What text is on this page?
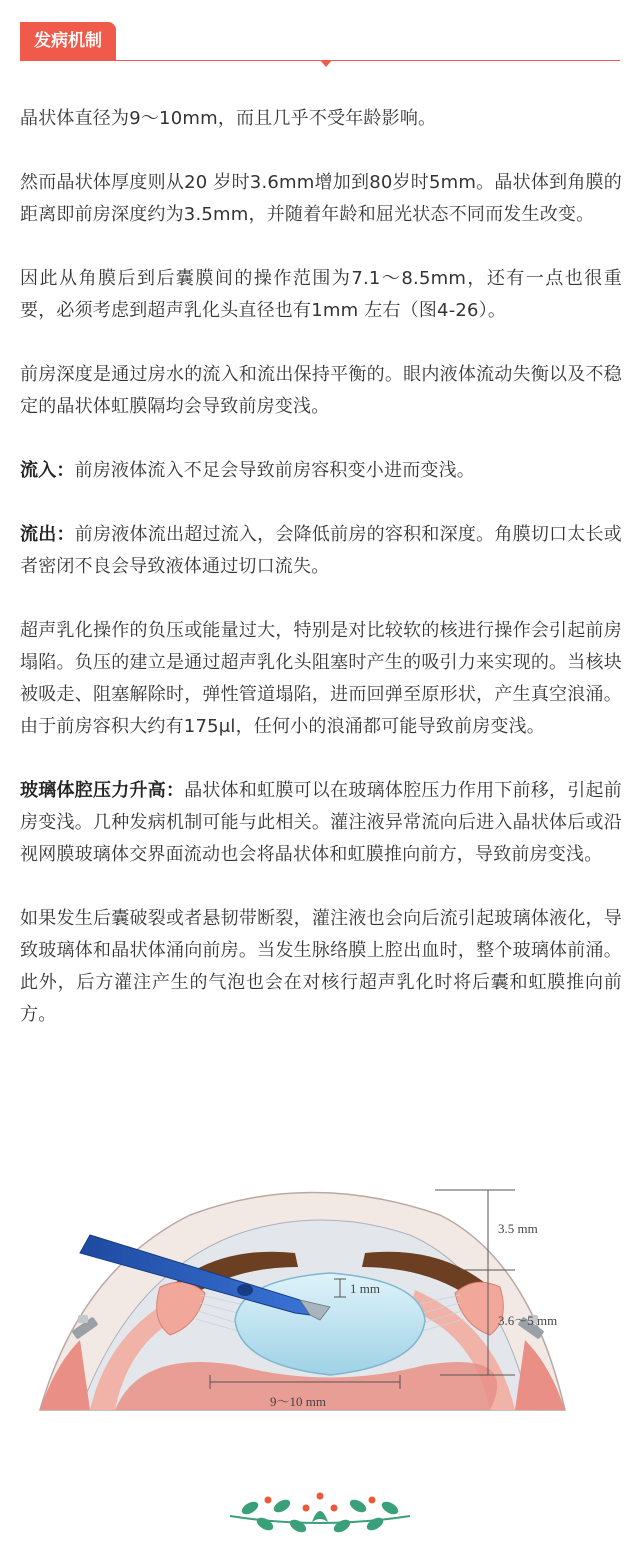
发病机制

晶状体直径为9～10mm，而且几乎不受年龄影响。

然而晶状体厚度则从20 岁时3.6mm增加到80岁时5mm。晶状体到角膜的距离即前房深度约为3.5mm，并随着年龄和屈光状态不同而发生改变。

因此从角膜后到后囊膜间的操作范围为7.1～8.5mm，还有一点也很重要，必须考虑到超声乳化头直径也有1mm 左右（图4-26）。

前房深度是通过房水的流入和流出保持平衡的。眼内液体流动失衡以及不稳定的晶状体虹膜隔均会导致前房变浅。

流入：前房液体流入不足会导致前房容积变小进而变浅。

流出：前房液体流出超过流入，会降低前房的容积和深度。角膜切口太长或者密闭不良会导致液体通过切口流失。

超声乳化操作的负压或能量过大，特别是对比较软的核进行操作会引起前房塌陷。负压的建立是通过超声乳化头阻塞时产生的吸引力来实现的。当核块被吸走、阻塞解除时，弹性管道塌陷，进而回弹至原形状，产生真空浪涌。由于前房容积大约有175μl，任何小的浪涌都可能导致前房变浅。

玻璃体腔压力升高：晶状体和虹膜可以在玻璃体腔压力作用下前移，引起前房变浅。几种发病机制可能与此相关。灌注液异常流向后进入晶状体后或沿视网膜玻璃体交界面流动也会将晶状体和虹膜推向前方，导致前房变浅。

如果发生后囊破裂或者悬韧带断裂，灌注液也会向后流引起玻璃体液化，导致玻璃体和晶状体涌向前房。当发生脉络膜上腔出血时，整个玻璃体前涌。此外，后方灌注产生的气泡也会在对核行超声乳化时将后囊和虹膜推向前方。

3.5 mm
3.6～5 mm
1 mm
9～10 mm
